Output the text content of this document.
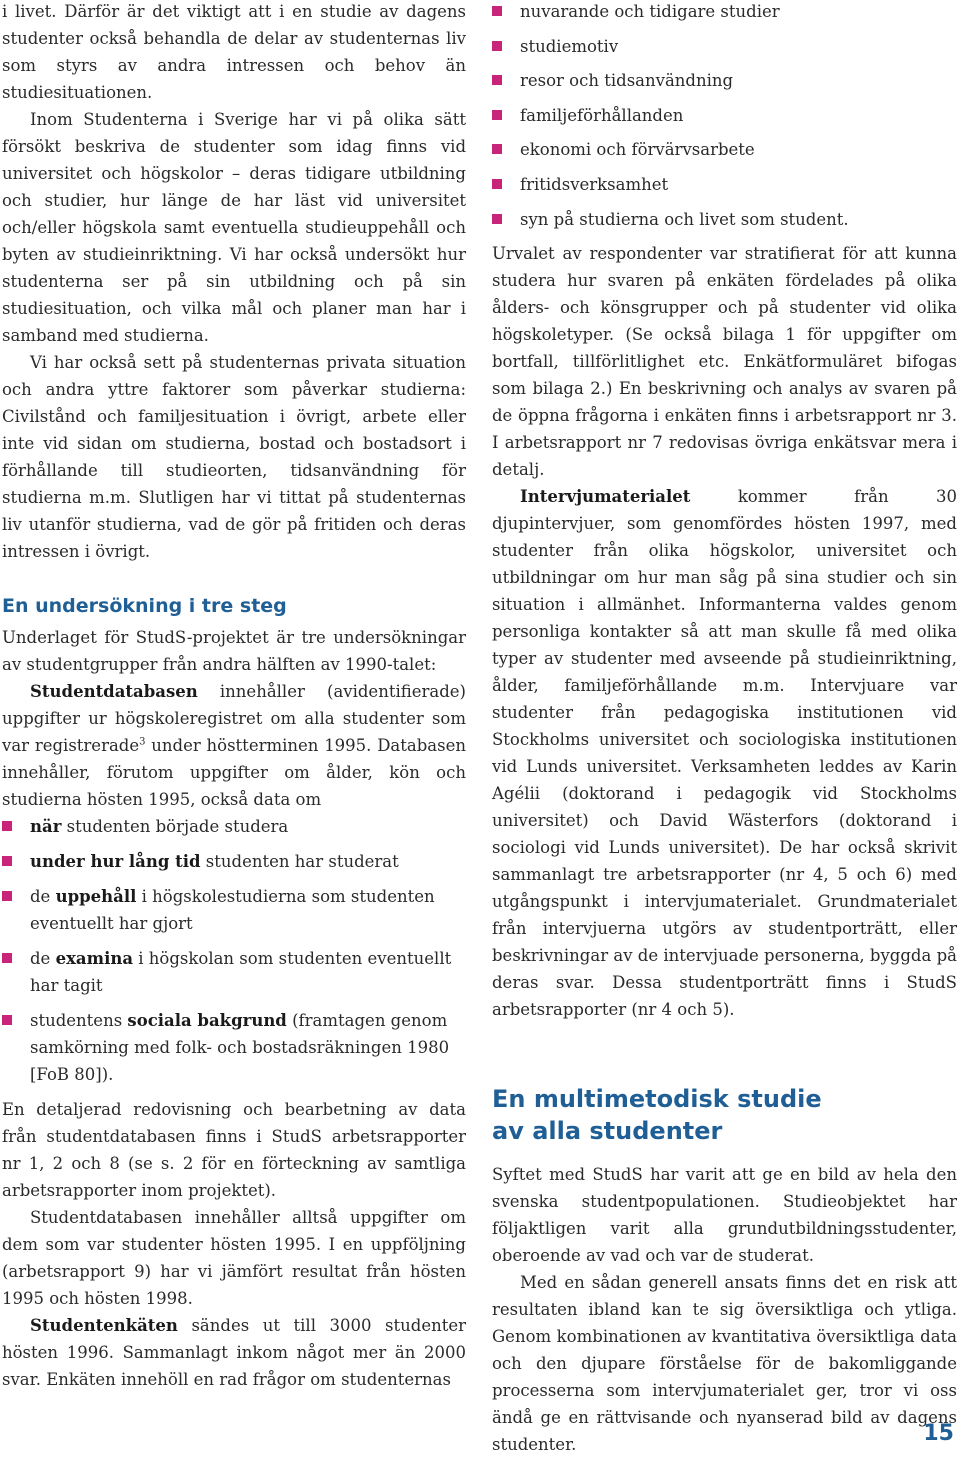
i livet. Därför är det viktigt att i en studie av dagens studenter också behandla de delar av studenternas liv som styrs av andra intressen och behov än studiesituationen.

Inom Studenterna i Sverige har vi på olika sätt försökt beskriva de studenter som idag finns vid universitet och högskolor – deras tidigare utbildning och studier, hur länge de har läst vid universitet och/eller högskola samt eventuella studieuppehåll och byten av studieinriktning. Vi har också undersökt hur studenterna ser på sin utbildning och på sin studiesituation, och vilka mål och planer man har i samband med studierna.

Vi har också sett på studenternas privata situation och andra yttre faktorer som påverkar studierna: Civilstånd och familjesituation i övrigt, arbete eller inte vid sidan om studierna, bostad och bostadsort i förhållande till studieorten, tidsanvändning för studierna m.m. Slutligen har vi tittat på studenternas liv utanför studierna, vad de gör på fritiden och deras intressen i övrigt.

En undersökning i tre steg

Underlaget för StudS-projektet är tre undersökningar av studentgrupper från andra hälften av 1990-talet:

Studentdatabasen innehåller (avidentifierade) uppgifter ur högskoleregistret om alla studenter som var registrerade$^3$ under höstterminen 1995. Databasen innehåller, förutom uppgifter om ålder, kön och studierna hösten 1995, också data om

när studenten började studera
under hur lång tid studenten har studerat
de uppehåll i högskolestudierna som studenten eventuellt har gjort
de examina i högskolan som studenten eventuellt har tagit
studentens sociala bakgrund (framtagen genom samkörning med folk- och bostadsräkningen 1980 [FoB 80]).

En detaljerad redovisning och bearbetning av data från studentdatabasen finns i StudS arbetsrapporter nr 1, 2 och 8 (se s. 2 för en förteckning av samtliga arbetsrapporter inom projektet).

Studentdatabasen innehåller alltså uppgifter om dem som var studenter hösten 1995. I en uppföljning (arbetsrapport 9) har vi jämfört resultat från hösten 1995 och hösten 1998.

Studentenkäten sändes ut till 3000 studenter hösten 1996. Sammanlagt inkom något mer än 2000 svar. Enkäten innehöll en rad frågor om studenternas

nuvarande och tidigare studier
studiemotiv
resor och tidsanvändning
familjeförhållanden
ekonomi och förvärvsarbete
fritidsverksamhet
syn på studierna och livet som student.

Urvalet av respondenter var stratifierat för att kunna studera hur svaren på enkäten fördelades på olika ålders- och könsgrupper och på studenter vid olika högskoletyper. (Se också bilaga 1 för uppgifter om bortfall, tillförlitlighet etc. Enkätformuläret bifogas som bilaga 2.) En beskrivning och analys av svaren på de öppna frågorna i enkäten finns i arbetsrapport nr 3. I arbetsrapport nr 7 redovisas övriga enkätsvar mera i detalj.

Intervjumaterialet kommer från 30 djupintervjuer, som genomfördes hösten 1997, med studenter från olika högskolor, universitet och utbildningar om hur man såg på sina studier och sin situation i allmänhet. Informanterna valdes genom personliga kontakter så att man skulle få med olika typer av studenter med avseende på studieinriktning, ålder, familjeförhållande m.m. Intervjuare var studenter från pedagogiska institutionen vid Stockholms universitet och sociologiska institutionen vid Lunds universitet. Verksamheten leddes av Karin Agélii (doktorand i pedagogik vid Stockholms universitet) och David Wästerfors (doktorand i sociologi vid Lunds universitet). De har också skrivit sammanlagt tre arbetsrapporter (nr 4, 5 och 6) med utgångspunkt i intervjumaterialet. Grundmaterialet från intervjuerna utgörs av studentporträtt, eller beskrivningar av de intervjuade personerna, byggda på deras svar. Dessa studentporträtt finns i StudS arbetsrapporter (nr 4 och 5).

En multimetodisk studie
av alla studenter

Syftet med StudS har varit att ge en bild av hela den svenska studentpopulationen. Studieobjektet har följaktligen varit alla grundutbildningsstudenter, oberoende av vad och var de studerat.

Med en sådan generell ansats finns det en risk att resultaten ibland kan te sig översiktliga och ytliga. Genom kombinationen av kvantitativa översiktliga data och den djupare förståelse för de bakomliggande processerna som intervjumaterialet ger, tror vi oss ändå ge en rättvisande och nyanserad bild av dagens studenter.	15
